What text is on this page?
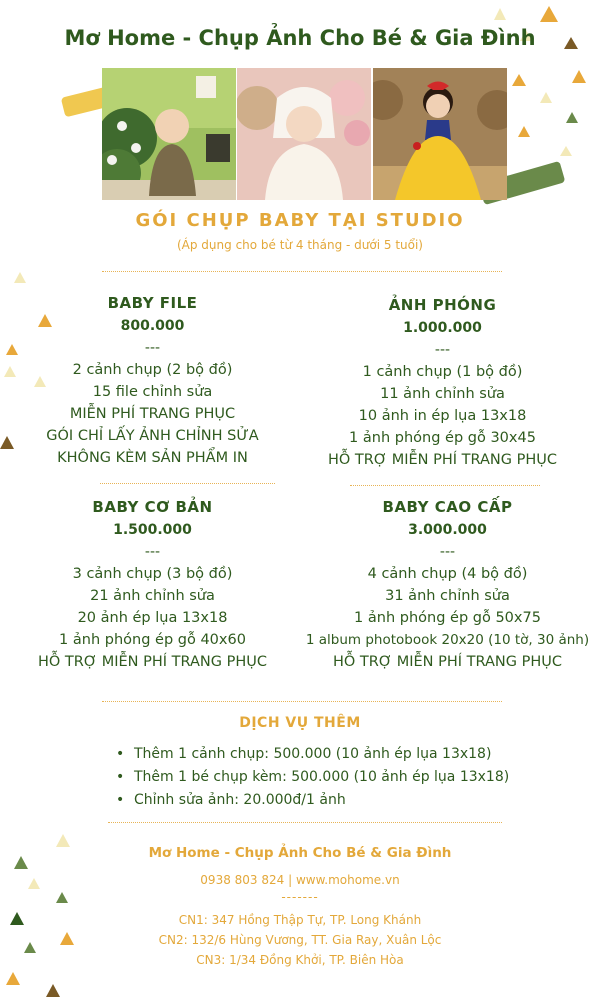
Mơ Home - Chụp Ảnh Cho Bé & Gia Đình
GÓI CHỤP BABY TẠI STUDIO
(Áp dụng cho bé từ 4 tháng - dưới 5 tuổi)
BABY FILE
800.000
---
2 cảnh chụp (2 bộ đồ)
15 file chỉnh sửa
MIỄN PHÍ TRANG PHỤC
GÓI CHỈ LẤY ẢNH CHỈNH SỬA
KHÔNG KÈM SẢN PHẨM IN
ẢNH PHÓNG
1.000.000
---
1 cảnh chụp (1 bộ đồ)
11 ảnh chỉnh sửa
10 ảnh in ép lụa 13x18
1 ảnh phóng ép gỗ 30x45
HỖ TRỢ MIỄN PHÍ TRANG PHỤC
BABY CƠ BẢN
1.500.000
---
3 cảnh chụp (3 bộ đồ)
21 ảnh chỉnh sửa
20 ảnh ép lụa 13x18
1 ảnh phóng ép gỗ 40x60
HỖ TRỢ MIỄN PHÍ TRANG PHỤC
BABY CAO CẤP
3.000.000
---
4 cảnh chụp (4 bộ đồ)
31 ảnh chỉnh sửa
1 ảnh phóng ép gỗ 50x75
1 album photobook 20x20 (10 tờ, 30 ảnh)
HỖ TRỢ MIỄN PHÍ TRANG PHỤC
DỊCH VỤ THÊM
• Thêm 1 cảnh chụp: 500.000 (10 ảnh ép lụa 13x18)
• Thêm 1 bé chụp kèm: 500.000 (10 ảnh ép lụa 13x18)
• Chỉnh sửa ảnh: 20.000đ/1 ảnh
Mơ Home - Chụp Ảnh Cho Bé & Gia Đình
0938 803 824 | www.mohome.vn
-------
CN1: 347 Hồng Thập Tự, TP. Long Khánh
CN2: 132/6 Hùng Vương, TT. Gia Ray, Xuân Lộc
CN3: 1/34 Đồng Khởi, TP. Biên Hòa
